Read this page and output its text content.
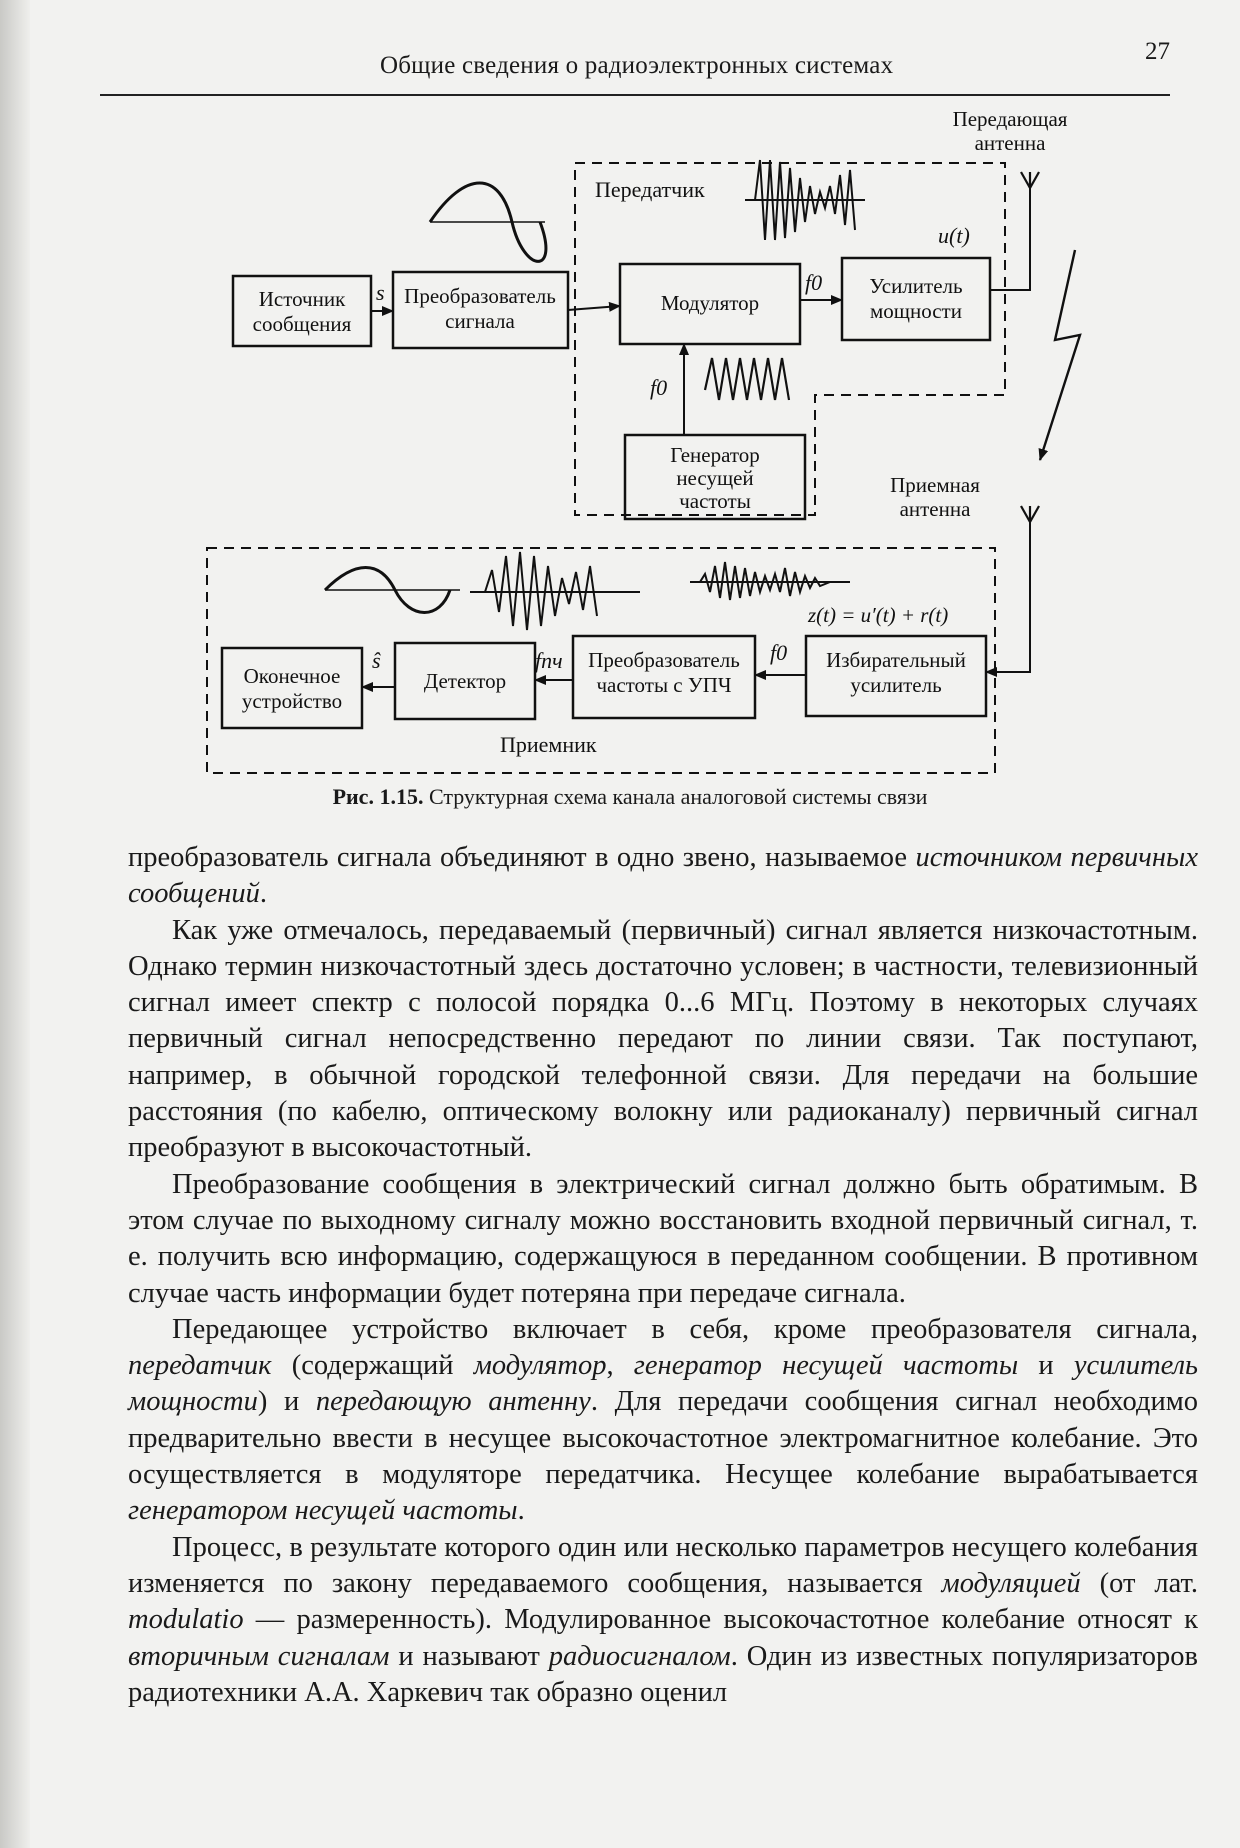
Общие сведения о радиоэлектронных системах
27
Передатчик
Приемник
Источник
сообщения
Преобразователь
сигнала
Модулятор
Усилитель
мощности
Генератор
несущей
частоты
Избирательный
усилитель
Преобразователь
частоты с УПЧ
Детектор
Оконечное
устройство
Передающая
антенна
Приемная
антенна
s	f0
u(t)
f0
z(t) = u′(t) + r(t)
f0
fпч
ŝ
Рис. 1.15. Структурная схема канала аналоговой системы связи

преобразователь сигнала объединяют в одно звено, называемое источником первичных сообщений.

Как уже отмечалось, передаваемый (первичный) сигнал является низкочастотным. Однако термин низкочастотный здесь достаточно условен; в частности, телевизионный сигнал имеет спектр с полосой порядка 0...6 МГц. Поэтому в некоторых случаях первичный сигнал непосредственно передают по линии связи. Так поступают, например, в обычной городской телефонной связи. Для передачи на большие расстояния (по кабелю, оптическому волокну или радиоканалу) первичный сигнал преобразуют в высокочастотный.

Преобразование сообщения в электрический сигнал должно быть обратимым. В этом случае по выходному сигналу можно восстановить входной первичный сигнал, т. е. получить всю информацию, содержащуюся в переданном сообщении. В противном случае часть информации будет потеряна при передаче сигнала.

Передающее устройство включает в себя, кроме преобразователя сигнала, передатчик (содержащий модулятор, генератор несущей частоты и усилитель мощности) и передающую антенну. Для передачи сообщения сигнал необходимо предварительно ввести в несущее высокочастотное электромагнитное колебание. Это осуществляется в модуляторе передатчика. Несущее колебание вырабатывается генератором несущей частоты.

Процесс, в результате которого один или несколько параметров несущего колебания изменяется по закону передаваемого сообщения, называется модуляцией (от лат. modulatio — размеренность). Модулированное высокочастотное колебание относят к вторичным сигналам и называют радиосигналом. Один из известных популяризаторов радиотехники А.А. Харкевич так образно оценил
